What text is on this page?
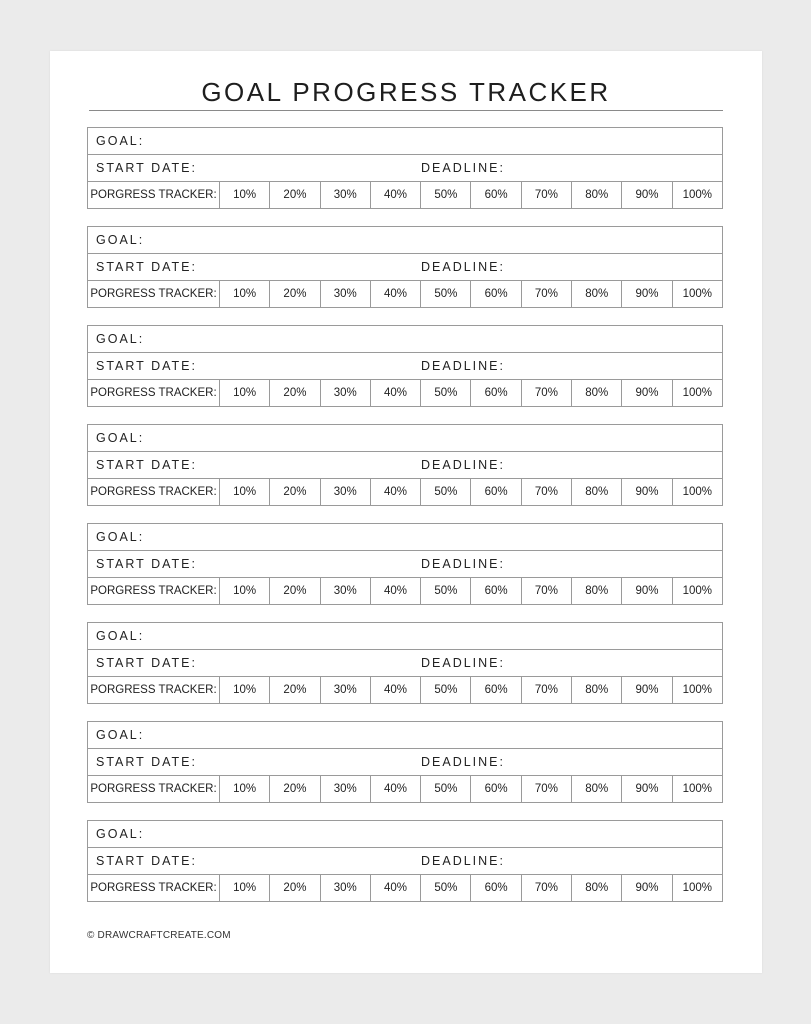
GOAL PROGRESS TRACKER
GOAL:
START DATE:	DEADLINE:
PORGRESS TRACKER:	10%	20%	30%	40%	50%	60%	70%	80%	90%	100%
GOAL:
START DATE:	DEADLINE:
PORGRESS TRACKER:	10%	20%	30%	40%	50%	60%	70%	80%	90%	100%
GOAL:
START DATE:	DEADLINE:
PORGRESS TRACKER:	10%	20%	30%	40%	50%	60%	70%	80%	90%	100%
GOAL:
START DATE:	DEADLINE:
PORGRESS TRACKER:	10%	20%	30%	40%	50%	60%	70%	80%	90%	100%
GOAL:
START DATE:	DEADLINE:
PORGRESS TRACKER:	10%	20%	30%	40%	50%	60%	70%	80%	90%	100%
GOAL:
START DATE:	DEADLINE:
PORGRESS TRACKER:	10%	20%	30%	40%	50%	60%	70%	80%	90%	100%
GOAL:
START DATE:	DEADLINE:
PORGRESS TRACKER:	10%	20%	30%	40%	50%	60%	70%	80%	90%	100%
GOAL:
START DATE:	DEADLINE:
PORGRESS TRACKER:	10%	20%	30%	40%	50%	60%	70%	80%	90%	100%
© DRAWCRAFTCREATE.COM
